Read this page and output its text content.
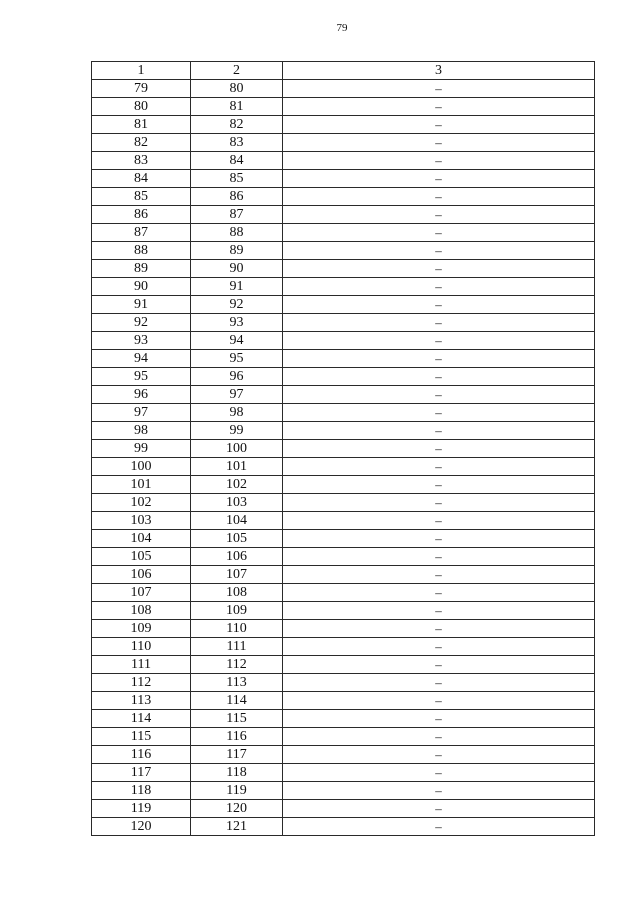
79
1	2	3
79	80	–
80	81	–
81	82	–
82	83	–
83	84	–
84	85	–
85	86	–
86	87	–
87	88	–
88	89	–
89	90	–
90	91	–
91	92	–
92	93	–
93	94	–
94	95	–
95	96	–
96	97	–
97	98	–
98	99	–
99	100	–
100	101	–
101	102	–
102	103	–
103	104	–
104	105	–
105	106	–
106	107	–
107	108	–
108	109	–
109	110	–
110	111	–
111	112	–
112	113	–
113	114	–
114	115	–
115	116	–
116	117	–
117	118	–
118	119	–
119	120	–
120	121	–
